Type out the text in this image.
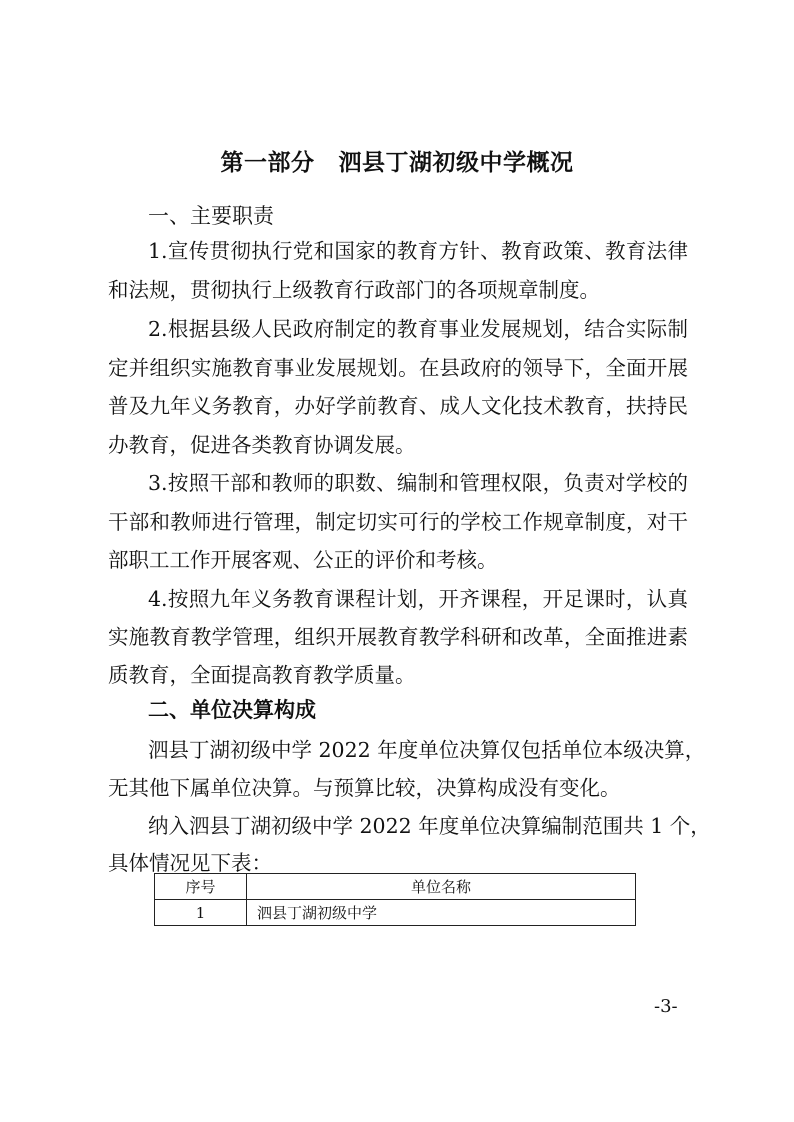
第一部分 泗县丁湖初级中学概况
一、主要职责
1.宣传贯彻执行党和国家的教育方针、教育政策、教育法律
和法规，贯彻执行上级教育行政部门的各项规章制度。
2.根据县级人民政府制定的教育事业发展规划，结合实际制
定并组织实施教育事业发展规划。在县政府的领导下，全面开展
普及九年义务教育，办好学前教育、成人文化技术教育，扶持民
办教育，促进各类教育协调发展。
3.按照干部和教师的职数、编制和管理权限，负责对学校的
干部和教师进行管理，制定切实可行的学校工作规章制度，对干
部职工工作开展客观、公正的评价和考核。
4.按照九年义务教育课程计划，开齐课程，开足课时，认真
实施教育教学管理，组织开展教育教学科研和改革，全面推进素
质教育，全面提高教育教学质量。
二、单位决算构成
泗县丁湖初级中学 2022 年度单位决算仅包括单位本级决算，
无其他下属单位决算。与预算比较，决算构成没有变化。
纳入泗县丁湖初级中学 2022 年度单位决算编制范围共 1 个，
具体情况见下表：
序号	单位名称
1	泗县丁湖初级中学
-3-
